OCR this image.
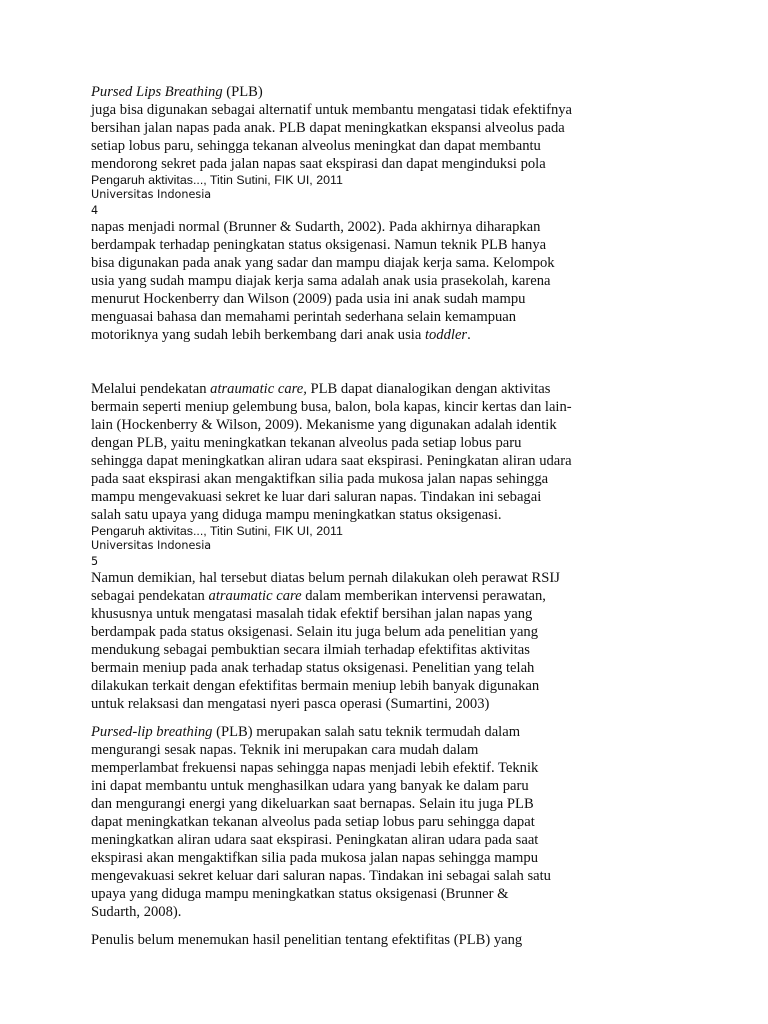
Pursed Lips Breathing (PLB)
juga bisa digunakan sebagai alternatif untuk membantu mengatasi tidak efektifnya
bersihan jalan napas pada anak. PLB dapat meningkatkan ekspansi alveolus pada
setiap lobus paru, sehingga tekanan alveolus meningkat dan dapat membantu
mendorong sekret pada jalan napas saat ekspirasi dan dapat menginduksi pola
Pengaruh aktivitas..., Titin Sutini, FIK UI, 2011
Universitas Indonesia
4
napas menjadi normal (Brunner & Sudarth, 2002). Pada akhirnya diharapkan
berdampak terhadap peningkatan status oksigenasi. Namun teknik PLB hanya
bisa digunakan pada anak yang sadar dan mampu diajak kerja sama. Kelompok
usia yang sudah mampu diajak kerja sama adalah anak usia prasekolah, karena
menurut Hockenberry dan Wilson (2009) pada usia ini anak sudah mampu
menguasai bahasa dan memahami perintah sederhana selain kemampuan
motoriknya yang sudah lebih berkembang dari anak usia toddler.
Melalui pendekatan atraumatic care, PLB dapat dianalogikan dengan aktivitas
bermain seperti meniup gelembung busa, balon, bola kapas, kincir kertas dan lain-
lain (Hockenberry & Wilson, 2009). Mekanisme yang digunakan adalah identik
dengan PLB, yaitu meningkatkan tekanan alveolus pada setiap lobus paru
sehingga dapat meningkatkan aliran udara saat ekspirasi. Peningkatan aliran udara
pada saat ekspirasi akan mengaktifkan silia pada mukosa jalan napas sehingga
mampu mengevakuasi sekret ke luar dari saluran napas. Tindakan ini sebagai
salah satu upaya yang diduga mampu meningkatkan status oksigenasi.
Pengaruh aktivitas..., Titin Sutini, FIK UI, 2011
Universitas Indonesia
5
Namun demikian, hal tersebut diatas belum pernah dilakukan oleh perawat RSIJ
sebagai pendekatan atraumatic care dalam memberikan intervensi perawatan,
khususnya untuk mengatasi masalah tidak efektif bersihan jalan napas yang
berdampak pada status oksigenasi. Selain itu juga belum ada penelitian yang
mendukung sebagai pembuktian secara ilmiah terhadap efektifitas aktivitas
bermain meniup pada anak terhadap status oksigenasi. Penelitian yang telah
dilakukan terkait dengan efektifitas bermain meniup lebih banyak digunakan
untuk relaksasi dan mengatasi nyeri pasca operasi (Sumartini, 2003)
Pursed-lip breathing (PLB) merupakan salah satu teknik termudah dalam
mengurangi sesak napas. Teknik ini merupakan cara mudah dalam
memperlambat frekuensi napas sehingga napas menjadi lebih efektif. Teknik
ini dapat membantu untuk menghasilkan udara yang banyak ke dalam paru
dan mengurangi energi yang dikeluarkan saat bernapas. Selain itu juga PLB
dapat meningkatkan tekanan alveolus pada setiap lobus paru sehingga dapat
meningkatkan aliran udara saat ekspirasi. Peningkatan aliran udara pada saat
ekspirasi akan mengaktifkan silia pada mukosa jalan napas sehingga mampu
mengevakuasi sekret keluar dari saluran napas. Tindakan ini sebagai salah satu
upaya yang diduga mampu meningkatkan status oksigenasi (Brunner &
Sudarth, 2008).
Penulis belum menemukan hasil penelitian tentang efektifitas (PLB) yang
